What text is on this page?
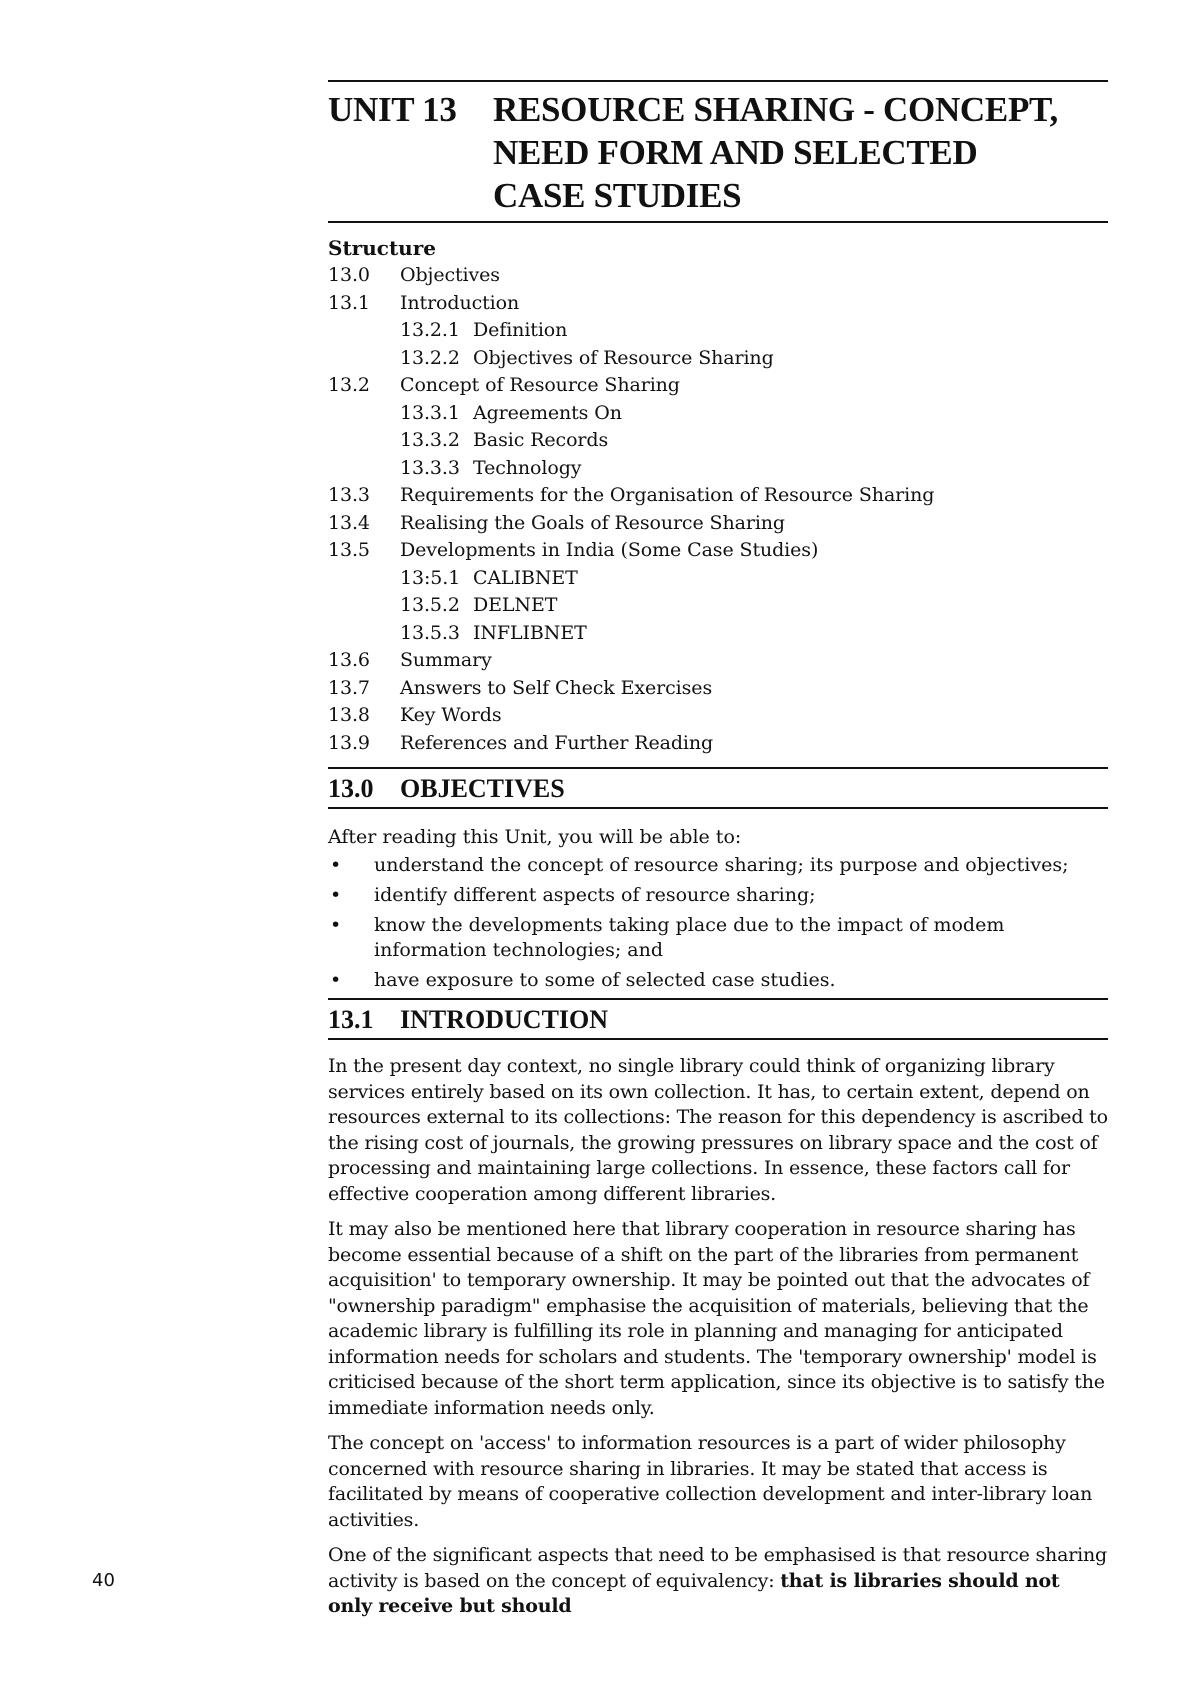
UNIT 13	RESOURCE SHARING - CONCEPT,
NEED FORM AND SELECTED
CASE STUDIES
Structure
13.0	Objectives
13.1	Introduction
13.2.1 Definition
13.2.2 Objectives of Resource Sharing
13.2	Concept of Resource Sharing
13.3.1 Agreements On
13.3.2 Basic Records
13.3.3 Technology
13.3	Requirements for the Organisation of Resource Sharing
13.4	Realising the Goals of Resource Sharing
13.5	Developments in India (Some Case Studies)
13:5.1 CALIBNET
13.5.2 DELNET
13.5.3 INFLIBNET
13.6	Summary
13.7	Answers to Self Check Exercises
13.8	Key Words
13.9	References and Further Reading
13.0	OBJECTIVES
After reading this Unit, you will be able to:
•	understand the concept of resource sharing; its purpose and objectives;
•	identify different aspects of resource sharing;
•	know the developments taking place due to the impact of modem information technologies; and
•	have exposure to some of selected case studies.
13.1	INTRODUCTION

In the present day context, no single library could think of organizing library services entirely based on its own collection. It has, to certain extent, depend on resources external to its collections: The reason for this dependency is ascribed to the rising cost of journals, the growing pressures on library space and the cost of processing and maintaining large collections. In essence, these factors call for effective cooperation among different libraries.

It may also be mentioned here that library cooperation in resource sharing has become essential because of a shift on the part of the libraries from permanent acquisition' to temporary ownership. It may be pointed out that the advocates of "ownership paradigm" emphasise the acquisition of materials, believing that the academic library is fulfilling its role in planning and managing for anticipated information needs for scholars and students. The 'temporary ownership' model is criticised because of the short term application, since its objective is to satisfy the immediate information needs only.

The concept on 'access' to information resources is a part of wider philosophy concerned with resource sharing in libraries. It may be stated that access is facilitated by means of cooperative collection development and inter-library loan activities.

One of the significant aspects that need to be emphasised is that resource sharing activity is based on the concept of equivalency: that is libraries should not only receive but should

40
